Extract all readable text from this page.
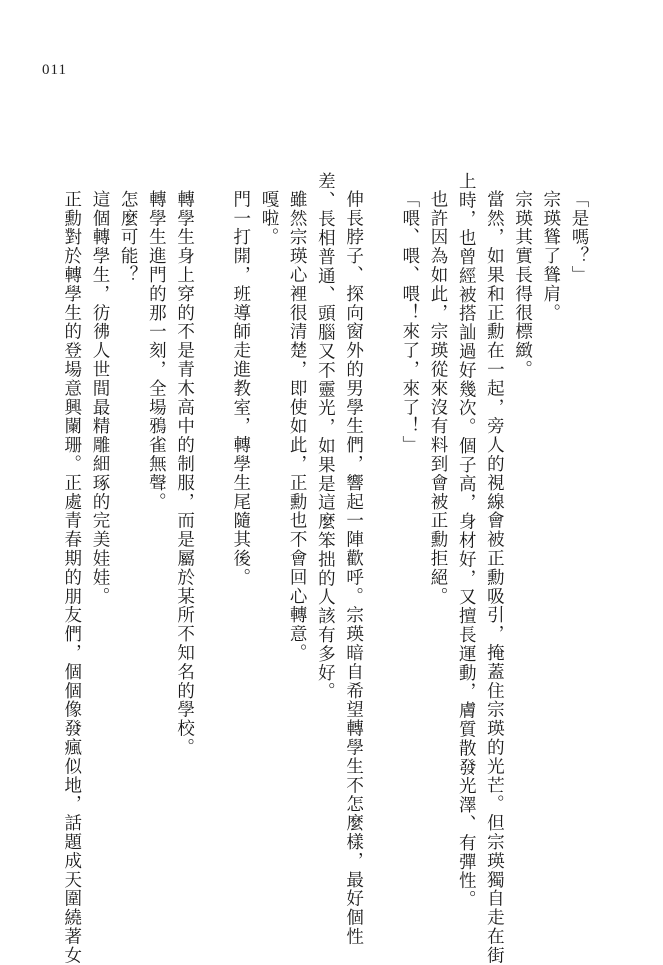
011

「是嗎？」

宗瑛聳了聳肩。

宗瑛其實長得很標緻。

當然，如果和正勳在一起，旁人的視線會被正勳吸引，掩蓋住宗瑛的光芒。但宗瑛獨自走在街

上時，也曾經被搭訕過好幾次。個子高，身材好，又擅長運動，膚質散發光澤、有彈性。

也許因為如此，宗瑛從來沒有料到會被正勳拒絕。

「喂、喂、喂！來了，來了！」

伸長脖子、探向窗外的男學生們，響起一陣歡呼。宗瑛暗自希望轉學生不怎麼樣，最好個性

差、長相普通、頭腦又不靈光，如果是這麼笨拙的人該有多好。

雖然宗瑛心裡很清楚，即使如此，正勳也不會回心轉意。

嘎啦。

門一打開，班導師走進教室，轉學生尾隨其後。

轉學生身上穿的不是青木高中的制服，而是屬於某所不知名的學校。

轉學生進門的那一刻，全場鴉雀無聲。

怎麼可能？

這個轉學生，彷彿人世間最精雕細琢的完美娃娃。

正勳對於轉學生的登場意興闌珊。正處青春期的朋友們，個個像發瘋似地，話題成天圍繞著女
